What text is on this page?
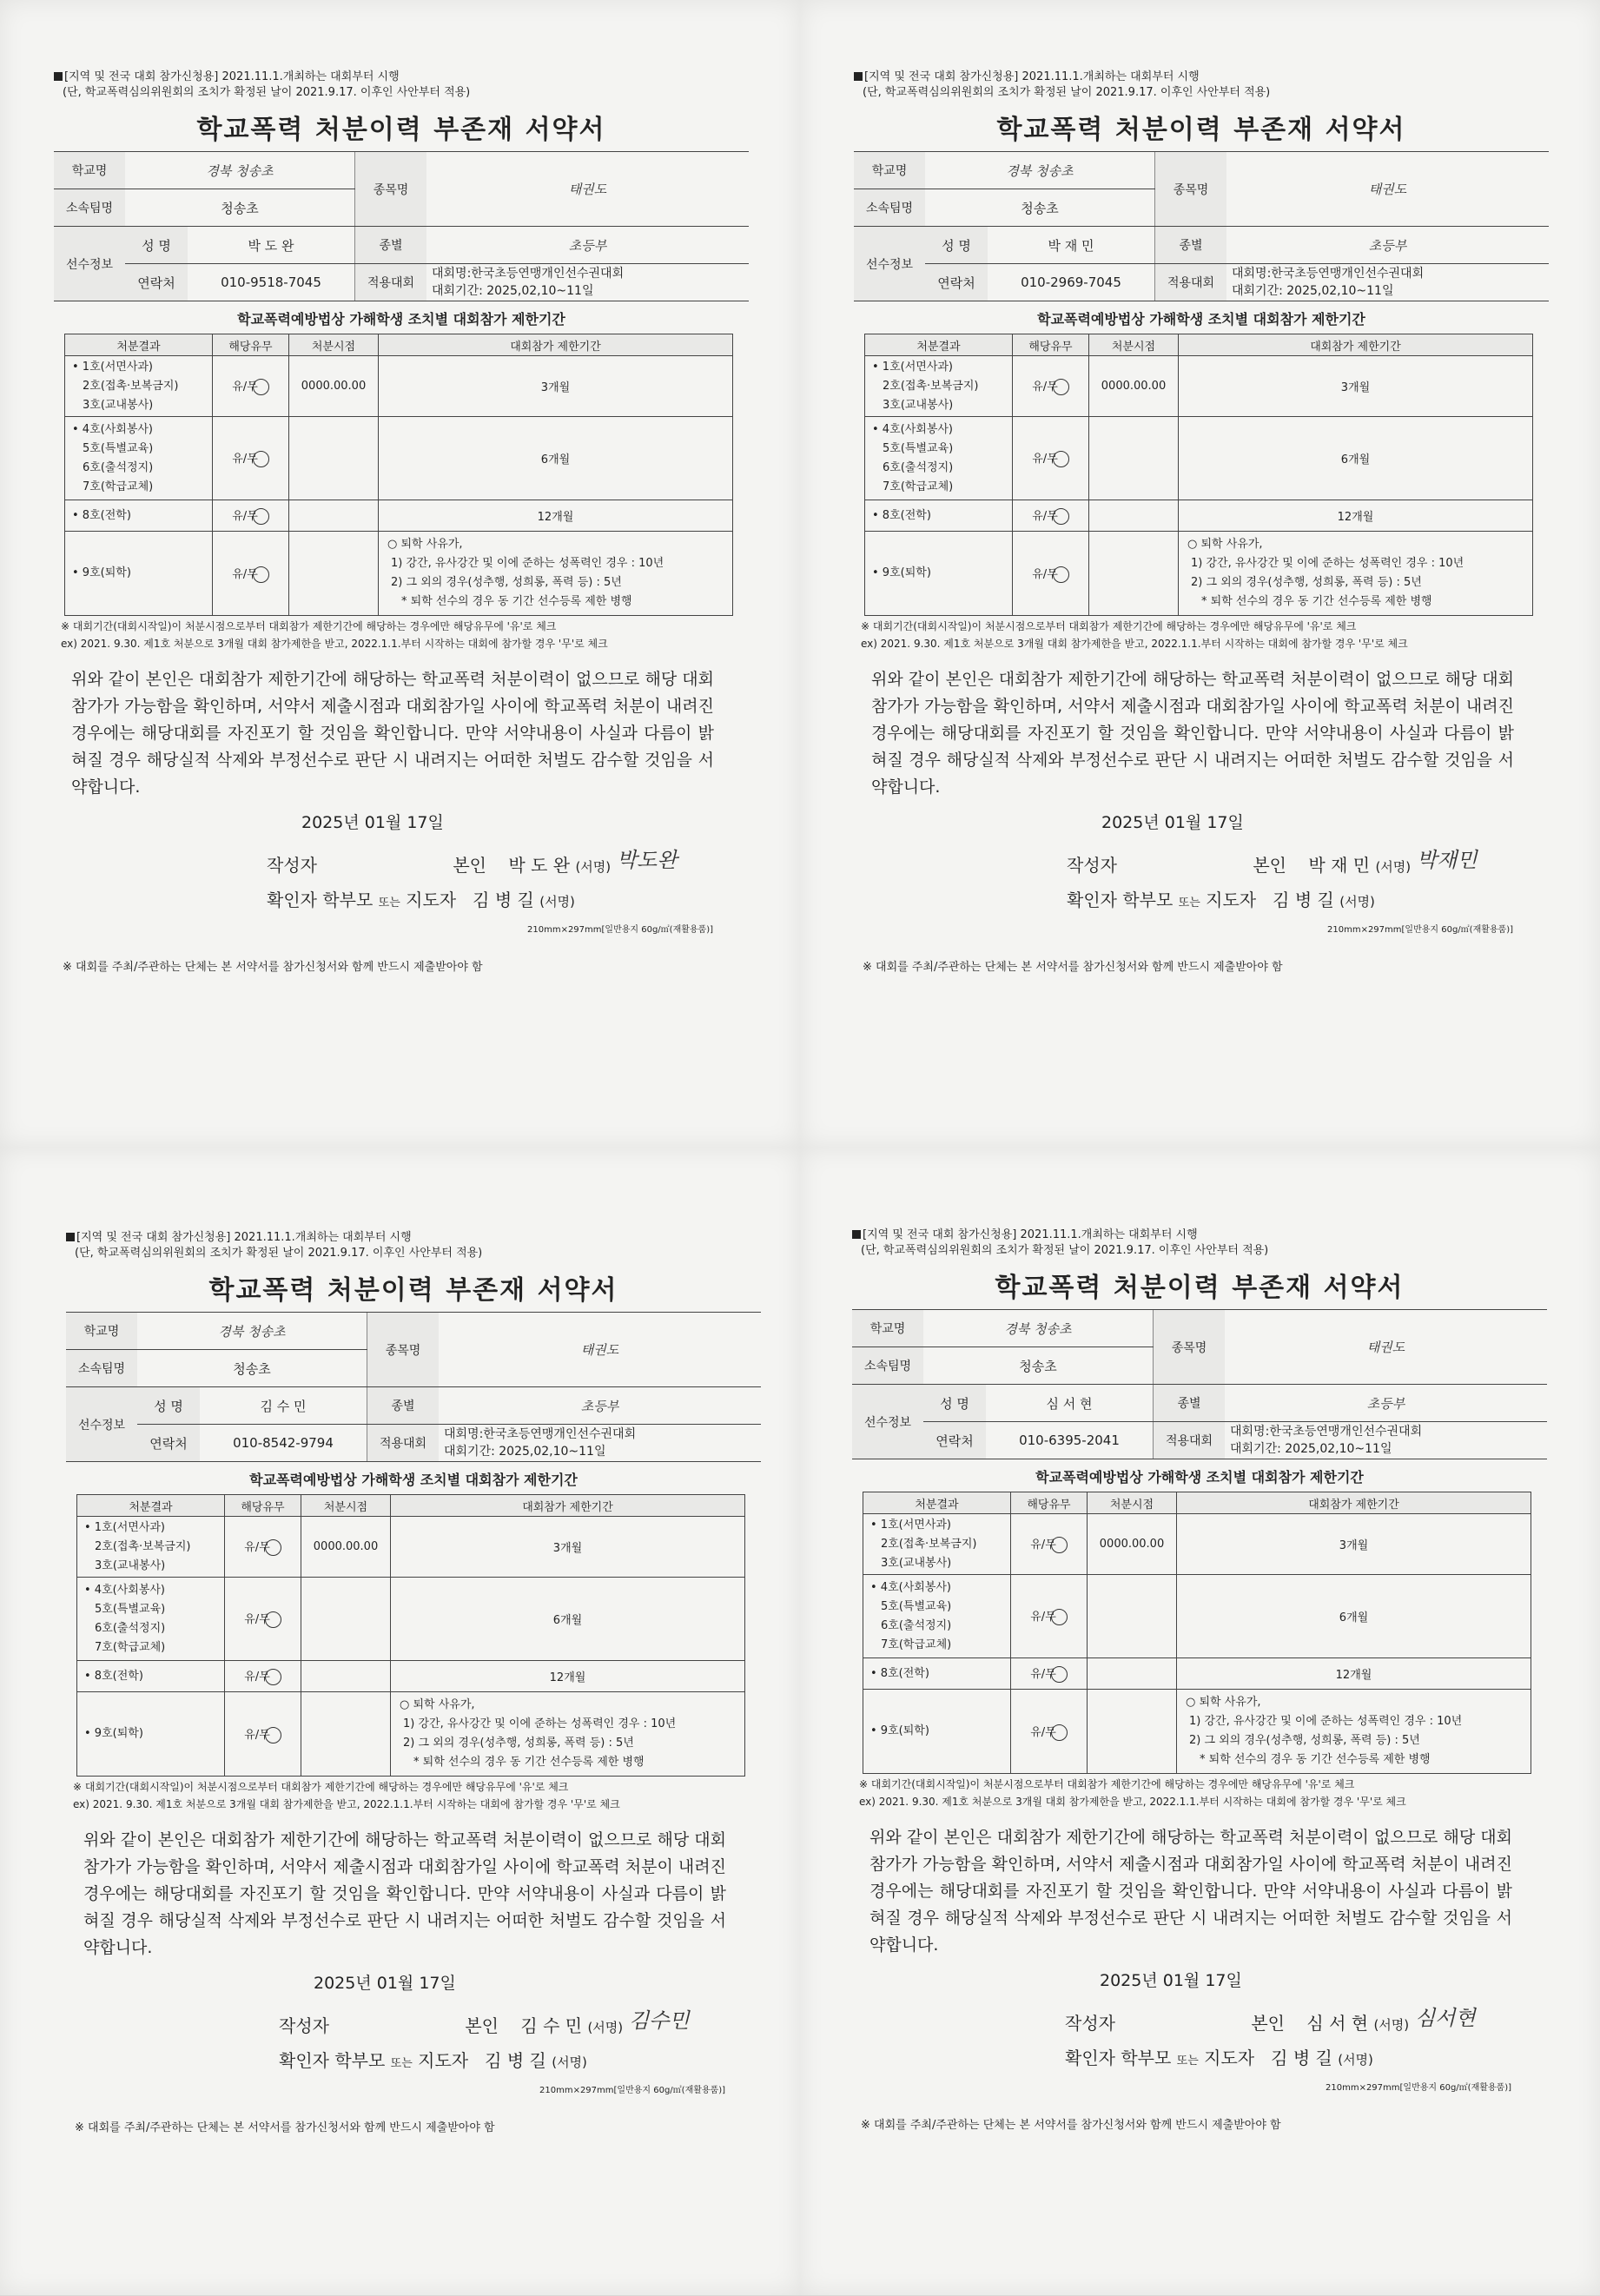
[지역 및 전국 대회 참가신청용] 2021.11.1.개최하는 대회부터 시행
(단, 학교폭력심의위원회의 조치가 확정된 날이 2021.9.17. 이후인 사안부터 적용)
학교폭력 처분이력 부존재 서약서
학교명	경북 청송초		종목명	태권도
소속팀명	청송초			
선수정보	성 명	박 도 완	종별	초등부
	연락처	010-9518-7045	적용대회	대회명:한국초등연맹개인선수권대회
대회기간: 2025,02,10~11일
학교폭력예방법상 가해학생 조치별 대회참가 제한기간
처분결과	해당유무	처분시점	대회참가 제한기간

• 1호(서면사과)
2호(접촉·보복금지)
3호(교내봉사)	유/무	0000.00.00	3개월

• 4호(사회봉사)
5호(특별교육)
6호(출석정지)
7호(학급교체)	유/무		6개월

• 8호(전학)	유/무		12개월

• 9호(퇴학)	유/무		○ 퇴학 사유가,
1) 강간, 유사강간 및 이에 준하는 성폭력인 경우 : 10년
2) 그 외의 경우(성추행, 성희롱, 폭력 등) : 5년
* 퇴학 선수의 경우 동 기간 선수등록 제한 병행
※ 대회기간(대회시작일)이 처분시점으로부터 대회참가 제한기간에 해당하는 경우에만 해당유무에 '유'로 체크
ex) 2021. 9.30. 제1호 처분으로 3개월 대회 참가제한을 받고, 2022.1.1.부터 시작하는 대회에 참가할 경우 '무'로 체크
위와 같이 본인은 대회참가 제한기간에 해당하는 학교폭력 처분이력이 없으므로 해당 대회 참가가 가능함을 확인하며, 서약서 제출시점과 대회참가일 사이에 학교폭력 처분이 내려진 경우에는 해당대회를 자진포기 할 것임을 확인합니다. 만약 서약내용이 사실과 다름이 밝혀질 경우 해당실적 삭제와 부정선수로 판단 시 내려지는 어떠한 처벌도 감수할 것임을 서약합니다.
2025년 01월 17일
작성자	본인 박 도 완 (서명)
확인자 학부모 또는 지도자 김 병 길 (서명)
박도완
210mm×297mm[일반용지 60g/㎡(재활용품)]
※ 대회를 주최/주관하는 단체는 본 서약서를 참가신청서와 함께 반드시 제출받아야 함
[지역 및 전국 대회 참가신청용] 2021.11.1.개최하는 대회부터 시행
(단, 학교폭력심의위원회의 조치가 확정된 날이 2021.9.17. 이후인 사안부터 적용)
학교폭력 처분이력 부존재 서약서
학교명	경북 청송초		종목명	태권도
소속팀명	청송초			
선수정보	성 명	박 재 민	종별	초등부
	연락처	010-2969-7045	적용대회	대회명:한국초등연맹개인선수권대회
대회기간: 2025,02,10~11일
학교폭력예방법상 가해학생 조치별 대회참가 제한기간
처분결과	해당유무	처분시점	대회참가 제한기간

• 1호(서면사과)
2호(접촉·보복금지)
3호(교내봉사)	유/무	0000.00.00	3개월

• 4호(사회봉사)
5호(특별교육)
6호(출석정지)
7호(학급교체)	유/무		6개월

• 8호(전학)	유/무		12개월

• 9호(퇴학)	유/무		○ 퇴학 사유가,
1) 강간, 유사강간 및 이에 준하는 성폭력인 경우 : 10년
2) 그 외의 경우(성추행, 성희롱, 폭력 등) : 5년
* 퇴학 선수의 경우 동 기간 선수등록 제한 병행
※ 대회기간(대회시작일)이 처분시점으로부터 대회참가 제한기간에 해당하는 경우에만 해당유무에 '유'로 체크
ex) 2021. 9.30. 제1호 처분으로 3개월 대회 참가제한을 받고, 2022.1.1.부터 시작하는 대회에 참가할 경우 '무'로 체크
위와 같이 본인은 대회참가 제한기간에 해당하는 학교폭력 처분이력이 없으므로 해당 대회 참가가 가능함을 확인하며, 서약서 제출시점과 대회참가일 사이에 학교폭력 처분이 내려진 경우에는 해당대회를 자진포기 할 것임을 확인합니다. 만약 서약내용이 사실과 다름이 밝혀질 경우 해당실적 삭제와 부정선수로 판단 시 내려지는 어떠한 처벌도 감수할 것임을 서약합니다.
2025년 01월 17일
작성자	본인 박 재 민 (서명)
확인자 학부모 또는 지도자 김 병 길 (서명)
박재민
210mm×297mm[일반용지 60g/㎡(재활용품)]
※ 대회를 주최/주관하는 단체는 본 서약서를 참가신청서와 함께 반드시 제출받아야 함
[지역 및 전국 대회 참가신청용] 2021.11.1.개최하는 대회부터 시행
(단, 학교폭력심의위원회의 조치가 확정된 날이 2021.9.17. 이후인 사안부터 적용)
학교폭력 처분이력 부존재 서약서
학교명	경북 청송초		종목명	태권도
소속팀명	청송초			
선수정보	성 명	김 수 민	종별	초등부
	연락처	010-8542-9794	적용대회	대회명:한국초등연맹개인선수권대회
대회기간: 2025,02,10~11일
학교폭력예방법상 가해학생 조치별 대회참가 제한기간
처분결과	해당유무	처분시점	대회참가 제한기간

• 1호(서면사과)
2호(접촉·보복금지)
3호(교내봉사)	유/무	0000.00.00	3개월

• 4호(사회봉사)
5호(특별교육)
6호(출석정지)
7호(학급교체)	유/무		6개월

• 8호(전학)	유/무		12개월

• 9호(퇴학)	유/무		○ 퇴학 사유가,
1) 강간, 유사강간 및 이에 준하는 성폭력인 경우 : 10년
2) 그 외의 경우(성추행, 성희롱, 폭력 등) : 5년
* 퇴학 선수의 경우 동 기간 선수등록 제한 병행
※ 대회기간(대회시작일)이 처분시점으로부터 대회참가 제한기간에 해당하는 경우에만 해당유무에 '유'로 체크
ex) 2021. 9.30. 제1호 처분으로 3개월 대회 참가제한을 받고, 2022.1.1.부터 시작하는 대회에 참가할 경우 '무'로 체크
위와 같이 본인은 대회참가 제한기간에 해당하는 학교폭력 처분이력이 없으므로 해당 대회 참가가 가능함을 확인하며, 서약서 제출시점과 대회참가일 사이에 학교폭력 처분이 내려진 경우에는 해당대회를 자진포기 할 것임을 확인합니다. 만약 서약내용이 사실과 다름이 밝혀질 경우 해당실적 삭제와 부정선수로 판단 시 내려지는 어떠한 처벌도 감수할 것임을 서약합니다.
2025년 01월 17일
작성자	본인 김 수 민 (서명)
확인자 학부모 또는 지도자 김 병 길 (서명)
김수민
210mm×297mm[일반용지 60g/㎡(재활용품)]
※ 대회를 주최/주관하는 단체는 본 서약서를 참가신청서와 함께 반드시 제출받아야 함
[지역 및 전국 대회 참가신청용] 2021.11.1.개최하는 대회부터 시행
(단, 학교폭력심의위원회의 조치가 확정된 날이 2021.9.17. 이후인 사안부터 적용)
학교폭력 처분이력 부존재 서약서
학교명	경북 청송초		종목명	태권도
소속팀명	청송초			
선수정보	성 명	심 서 현	종별	초등부
	연락처	010-6395-2041	적용대회	대회명:한국초등연맹개인선수권대회
대회기간: 2025,02,10~11일
학교폭력예방법상 가해학생 조치별 대회참가 제한기간
처분결과	해당유무	처분시점	대회참가 제한기간

• 1호(서면사과)
2호(접촉·보복금지)
3호(교내봉사)	유/무	0000.00.00	3개월

• 4호(사회봉사)
5호(특별교육)
6호(출석정지)
7호(학급교체)	유/무		6개월

• 8호(전학)	유/무		12개월

• 9호(퇴학)	유/무		○ 퇴학 사유가,
1) 강간, 유사강간 및 이에 준하는 성폭력인 경우 : 10년
2) 그 외의 경우(성추행, 성희롱, 폭력 등) : 5년
* 퇴학 선수의 경우 동 기간 선수등록 제한 병행
※ 대회기간(대회시작일)이 처분시점으로부터 대회참가 제한기간에 해당하는 경우에만 해당유무에 '유'로 체크
ex) 2021. 9.30. 제1호 처분으로 3개월 대회 참가제한을 받고, 2022.1.1.부터 시작하는 대회에 참가할 경우 '무'로 체크
위와 같이 본인은 대회참가 제한기간에 해당하는 학교폭력 처분이력이 없으므로 해당 대회 참가가 가능함을 확인하며, 서약서 제출시점과 대회참가일 사이에 학교폭력 처분이 내려진 경우에는 해당대회를 자진포기 할 것임을 확인합니다. 만약 서약내용이 사실과 다름이 밝혀질 경우 해당실적 삭제와 부정선수로 판단 시 내려지는 어떠한 처벌도 감수할 것임을 서약합니다.
2025년 01월 17일
작성자	본인 심 서 현 (서명)
확인자 학부모 또는 지도자 김 병 길 (서명)
심서현
210mm×297mm[일반용지 60g/㎡(재활용품)]
※ 대회를 주최/주관하는 단체는 본 서약서를 참가신청서와 함께 반드시 제출받아야 함
